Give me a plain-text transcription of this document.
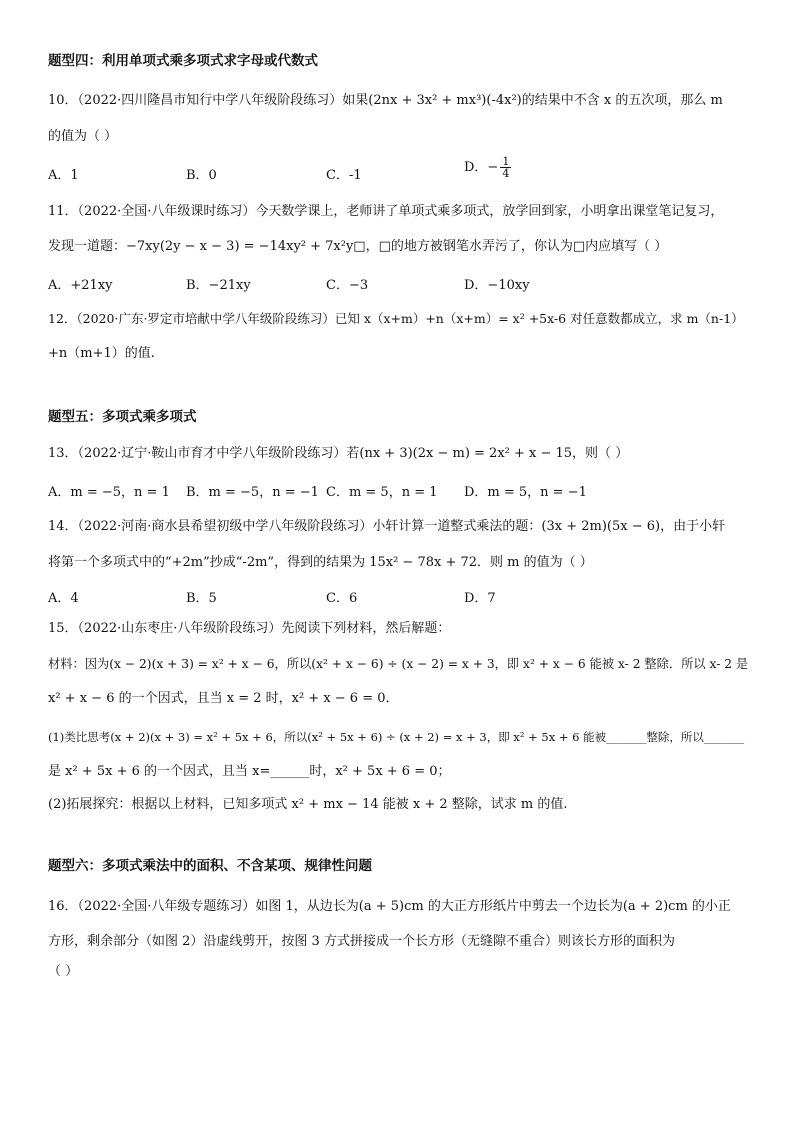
题型四：利用单项式乘多项式求字母或代数式
10．（2022·四川隆昌市知行中学八年级阶段练习）如果(2nx + 3x² + mx³)(-4x²)的结果中不含 x 的五次项，那么 m
的值为（ ）
A．1	B．0	C．-1
D．− $\frac{1}{4}$
11．（2022·全国·八年级课时练习）今天数学课上，老师讲了单项式乘多项式，放学回到家，小明拿出课堂笔记复习，
发现一道题：−7xy(2y − x − 3) = −14xy² + 7x²y□，□的地方被钢笔水弄污了，你认为□内应填写（ ）
A．+21xy	B．−21xy	C．−3	D．−10xy
12．（2020·广东·罗定市培献中学八年级阶段练习）已知 x（x+m）+n（x+m）= x² +5x-6 对任意数都成立，求 m（n-1）
+n（m+1）的值.
题型五：多项式乘多项式
13．（2022·辽宁·鞍山市育才中学八年级阶段练习）若(nx + 3)(2x − m) = 2x² + x − 15，则（ ）
A．m = −5，n = 1 B．m = −5，n = −1 C．m = 5，n = 1 D．m = 5，n = −1
14．（2022·河南·商水县希望初级中学八年级阶段练习）小轩计算一道整式乘法的题：(3x + 2m)(5x − 6)，由于小轩
将第一个多项式中的“+2m”抄成“-2m”，得到的结果为 15x² − 78x + 72．则 m 的值为（ ）
A．4	B．5	C．6	D．7
15．（2022·山东枣庄·八年级阶段练习）先阅读下列材料，然后解题：
材料：因为(x − 2)(x + 3) = x² + x − 6，所以(x² + x − 6) ÷ (x − 2) = x + 3，即 x² + x − 6 能被 x- 2 整除．所以 x- 2 是
x² + x − 6 的一个因式，且当 x = 2 时，x² + x − 6 = 0．
(1)类比思考(x + 2)(x + 3) = x² + 5x + 6，所以(x² + 5x + 6) ÷ (x + 2) = x + 3，即 x² + 5x + 6 能被_______整除，所以_______
是 x² + 5x + 6 的一个因式，且当 x=______时，x² + 5x + 6 = 0；
(2)拓展探究：根据以上材料，已知多项式 x² + mx − 14 能被 x + 2 整除，试求 m 的值.
题型六：多项式乘法中的面积、不含某项、规律性问题
16．（2022·全国·八年级专题练习）如图 1，从边长为(a + 5)cm 的大正方形纸片中剪去一个边长为(a + 2)cm 的小正
方形，剩余部分（如图 2）沿虚线剪开，按图 3 方式拼接成一个长方形（无缝隙不重合）则该长方形的面积为
（ ）
